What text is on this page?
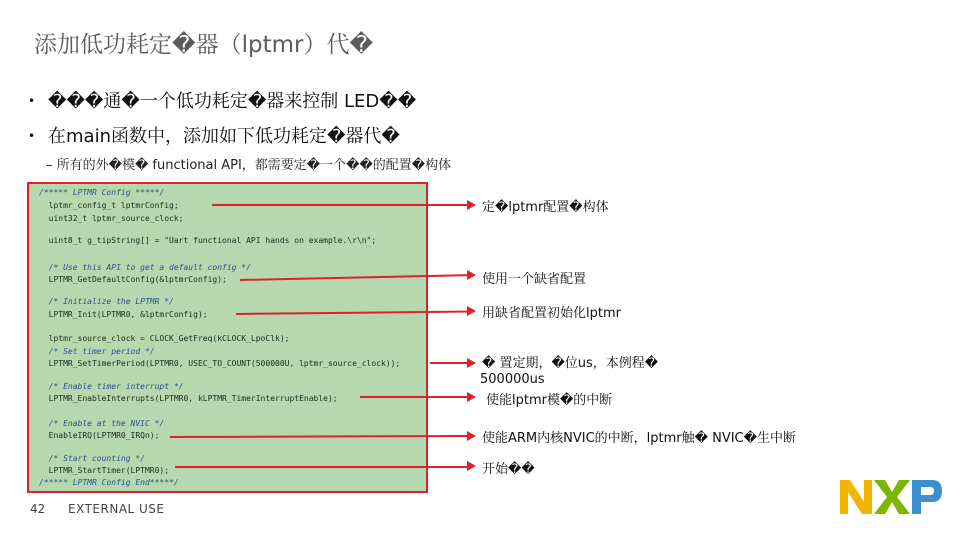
添加低功耗定�器（lptmr）代�
• ���通�一个低功耗定�器来控制 LED��
• 在main函数中，添加如下低功耗定�器代�
– 所有的外�模� functional API，都需要定�一个��的配置�构体
/***** LPTMR Config *****/
lptmr_config_t lptmrConfig;
uint32_t lptmr_source_clock;
uint8_t g_tipString[] = "Uart functional API hands on example.\r\n";
/* Use this API to get a default config */
LPTMR_GetDefaultConfig(&lptmrConfig);
/* Initialize the LPTMR */
LPTMR_Init(LPTMR0, &lptmrConfig);
lptmr_source_clock = CLOCK_GetFreq(kCLOCK_LpoClk);
/* Set timer period */
LPTMR_SetTimerPeriod(LPTMR0, USEC_TO_COUNT(500000U, lptmr_source_clock));
/* Enable timer interrupt */
LPTMR_EnableInterrupts(LPTMR0, kLPTMR_TimerInterruptEnable);
/* Enable at the NVIC */
EnableIRQ(LPTMR0_IRQn);
/* Start counting */
LPTMR_StartTimer(LPTMR0);
/***** LPTMR Config End*****/
定�lptmr配置�构体
使用一个缺省配置
用缺省配置初始化lptmr
� 置定期，�位us，本例程�
500000us
使能lptmr模�的中断
使能ARM内核NVIC的中断，lptmr触� NVIC�生中断
开始��
42 EXTERNAL USE
